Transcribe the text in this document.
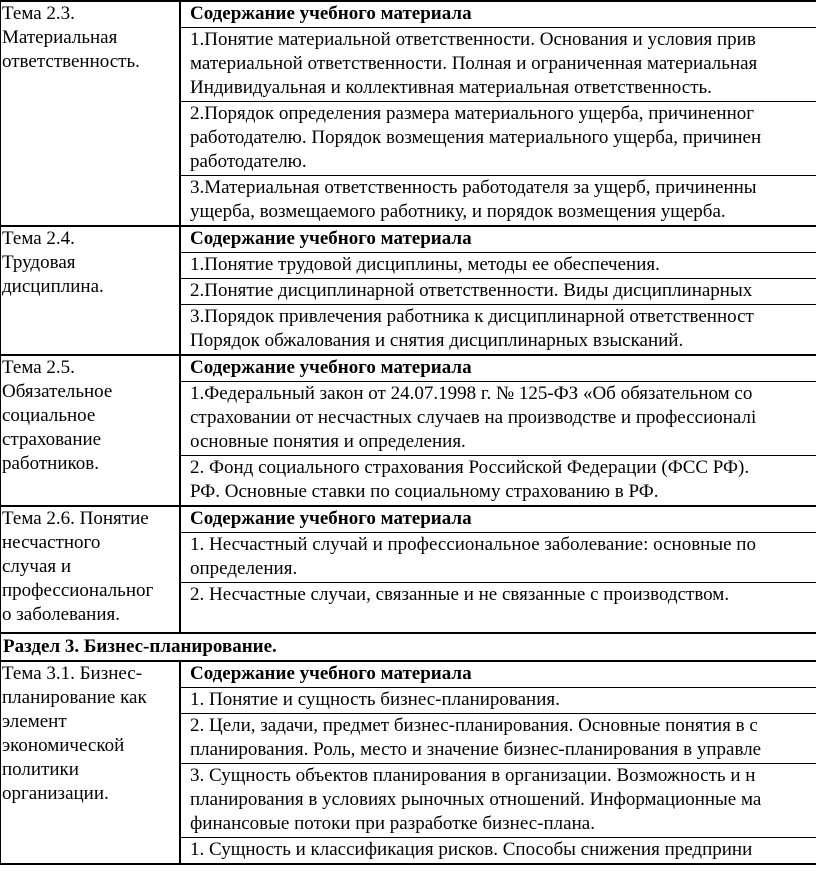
Тема 2.3.
Материальная
ответственность.
Содержание учебного материала
1.Понятие материальной ответственности. Основания и условия прив
материальной ответственности. Полная и ограниченная материальная
Индивидуальная и коллективная материальная ответственность.
2.Порядок определения размера материального ущерба, причиненног
работодателю. Порядок возмещения материального ущерба, причинен
работодателю.
3.Материальная ответственность работодателя за ущерб, причиненны
ущерба, возмещаемого работнику, и порядок возмещения ущерба.
Тема 2.4.
Трудовая
дисциплина.
Содержание учебного материала
1.Понятие трудовой дисциплины, методы ее обеспечения.
2.Понятие дисциплинарной ответственности. Виды дисциплинарных
3.Порядок привлечения работника к дисциплинарной ответственност
Порядок обжалования и снятия дисциплинарных взысканий.
Тема 2.5.
Обязательное
социальное
страхование
работников.
Содержание учебного материала
1.Федеральный закон от 24.07.1998 г. № 125-ФЗ «Об обязательном со
страховании от несчастных случаев на производстве и профессионалі
основные понятия и определения.
2. Фонд социального страхования Российской Федерации (ФСС РФ).
РФ. Основные ставки по социальному страхованию в РФ.
Тема 2.6. Понятие
несчастного
случая и
профессиональног
о заболевания.
Содержание учебного материала
1. Несчастный случай и профессиональное заболевание: основные по
определения.
2. Несчастные случаи, связанные и не связанные с производством.
Раздел 3. Бизнес-планирование.
Тема 3.1. Бизнес-
планирование как
элемент
экономической
политики
организации.
Содержание учебного материала
1. Понятие и сущность бизнес-планирования.
2. Цели, задачи, предмет бизнес-планирования. Основные понятия в с
планирования. Роль, место и значение бизнес-планирования в управле
3. Сущность объектов планирования в организации. Возможность и н
планирования в условиях рыночных отношений. Информационные ма
финансовые потоки при разработке бизнес-плана.
1. Сущность и классификация рисков. Способы снижения предприни
